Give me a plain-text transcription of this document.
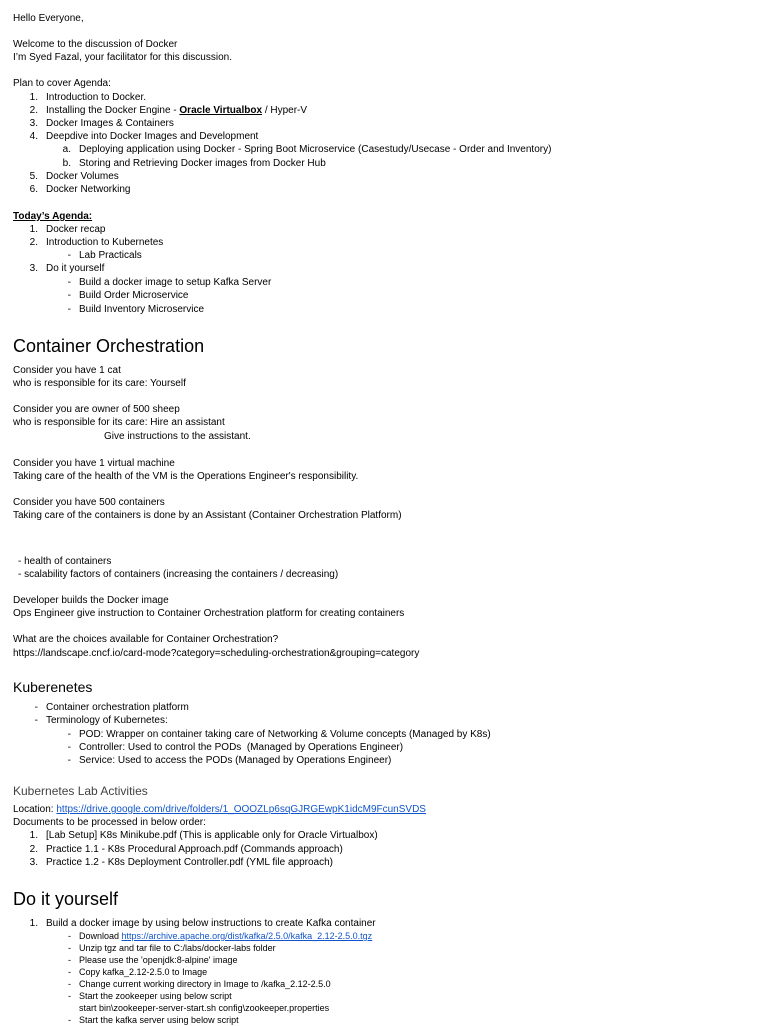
Hello Everyone,
Welcome to the discussion of Docker
I’m Syed Fazal, your facilitator for this discussion.
Plan to cover Agenda:
1. Introduction to Docker.
2. Installing the Docker Engine - Oracle Virtualbox / Hyper-V
3. Docker Images & Containers
4. Deepdive into Docker Images and Development
a. Deploying application using Docker - Spring Boot Microservice (Casestudy/Usecase - Order and Inventory)
b. Storing and Retrieving Docker images from Docker Hub
5. Docker Volumes
6. Docker Networking
Today’s Agenda:
1. Docker recap
2. Introduction to Kubernetes
- Lab Practicals
3. Do it yourself
- Build a docker image to setup Kafka Server
- Build Order Microservice
- Build Inventory Microservice
Container Orchestration
Consider you have 1 cat
who is responsible for its care: Yourself
Consider you are owner of 500 sheep
who is responsible for its care: Hire an assistant
Give instructions to the assistant.
Consider you have 1 virtual machine
Taking care of the health of the VM is the Operations Engineer's responsibility.
Consider you have 500 containers
Taking care of the containers is done by an Assistant (Container Orchestration Platform)
- health of containers
- scalability factors of containers (increasing the containers / decreasing)
Developer builds the Docker image
Ops Engineer give instruction to Container Orchestration platform for creating containers
What are the choices available for Container Orchestration?
https://landscape.cncf.io/card-mode?category=scheduling-orchestration&grouping=category
Kuberenetes
- Container orchestration platform
- Terminology of Kubernetes:
- POD: Wrapper on container taking care of Networking & Volume concepts (Managed by K8s)
- Controller: Used to control the PODs  (Managed by Operations Engineer)
- Service: Used to access the PODs (Managed by Operations Engineer)
Kubernetes Lab Activities
Location: https://drive.google.com/drive/folders/1_OOOZLp6sqGJRGEwpK1idcM9FcunSVDS
Documents to be processed in below order:
1. [Lab Setup] K8s Minikube.pdf (This is applicable only for Oracle Virtualbox)
2. Practice 1.1 - K8s Procedural Approach.pdf (Commands approach)
3. Practice 1.2 - K8s Deployment Controller.pdf (YML file approach)
Do it yourself
1. Build a docker image by using below instructions to create Kafka container
- Download https://archive.apache.org/dist/kafka/2.5.0/kafka_2.12-2.5.0.tgz
- Unzip tgz and tar file to C:/labs/docker-labs folder
- Please use the 'openjdk:8-alpine' image
- Copy kafka_2.12-2.5.0 to Image
- Change current working directory in Image to /kafka_2.12-2.5.0
- Start the zookeeper using below script
start bin\zookeeper-server-start.sh config\zookeeper.properties
- Start the kafka server using below script
